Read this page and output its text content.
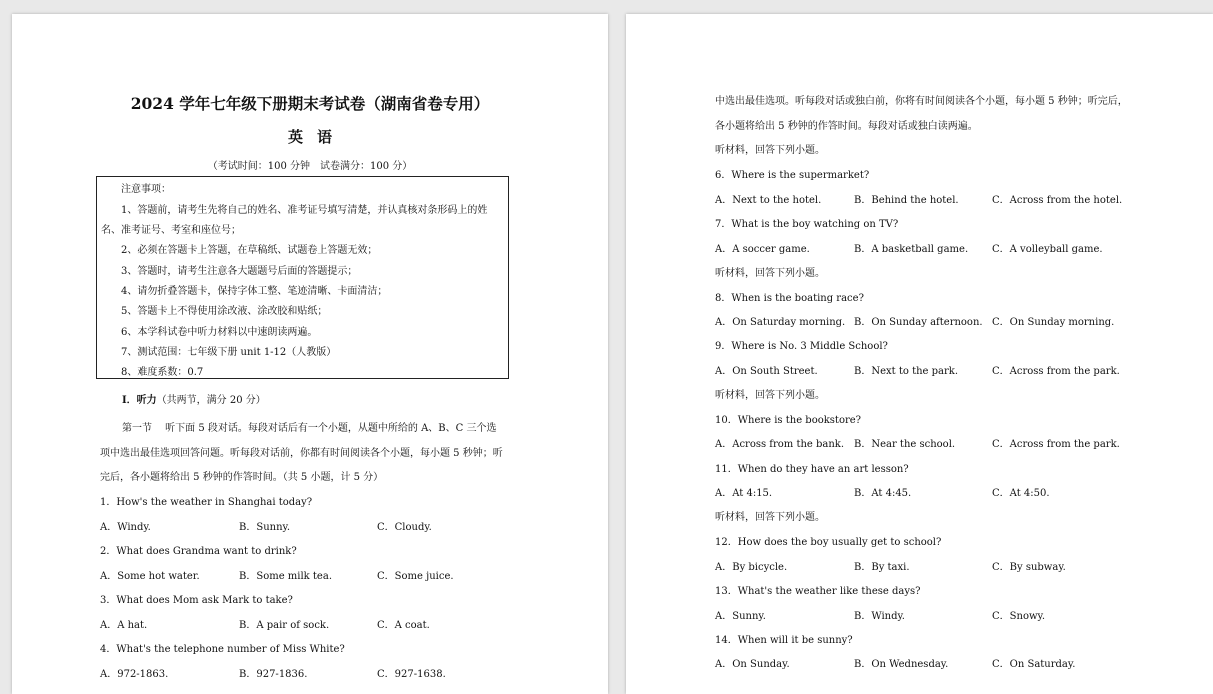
2024 学年七年级下册期末考试卷（湖南省卷专用）
英语
（考试时间：100 分钟　试卷满分：100 分）
注意事项：
1、答题前，请考生先将自己的姓名、准考证号填写清楚，并认真核对条形码上的姓
名、准考证号、考室和座位号；
2、必须在答题卡上答题，在草稿纸、试题卷上答题无效；
3、答题时，请考生注意各大题题号后面的答题提示；
4、请勿折叠答题卡，保持字体工整、笔迹清晰、卡面清洁；
5、答题卡上不得使用涂改液、涂改胶和贴纸；
6、本学科试卷中听力材料以中速朗读两遍。
7、测试范围：七年级下册 unit 1-12（人教版）
8、难度系数：0.7
I．听力（共两节，满分 20 分）
第一节　 听下面 5 段对话。每段对话后有一个小题，从题中所给的 A、B、C 三个选
项中选出最佳选项回答问题。听每段对话前，你都有时间阅读各个小题，每小题 5 秒钟；听
完后，各小题将给出 5 秒钟的作答时间。（共 5 小题，计 5 分）
1．How's the weather in Shanghai today?
A．Windy.	B．Sunny.	C．Cloudy.
2．What does Grandma want to drink?
A．Some hot water.	B．Some milk tea.	C．Some juice.
3．What does Mom ask Mark to take?
A．A hat.	B．A pair of sock.	C．A coat.
4．What's the telephone number of Miss White?
A．972-1863.	B．927-1836.	C．927-1638.
中选出最佳选项。听每段对话或独白前，你将有时间阅读各个小题，每小题 5 秒钟；听完后，
各小题将给出 5 秒钟的作答时间。每段对话或独白读两遍。
听材料，回答下列小题。
6．Where is the supermarket?
A．Next to the hotel.	B．Behind the hotel.	C．Across from the hotel.
7．What is the boy watching on TV?
A．A soccer game.	B．A basketball game. C．A volleyball game.
听材料，回答下列小题。
8．When is the boating race?
A．On Saturday morning. B．On Sunday afternoon. C．On Sunday morning.
9．Where is No. 3 Middle School?
A．On South Street.	B．Next to the park.	C．Across from the park.
听材料，回答下列小题。
10．Where is the bookstore?
A．Across from the bank. B．Near the school.	C．Across from the park.
11．When do they have an art lesson?
A．At 4:15.	B．At 4:45.	C．At 4:50.
听材料，回答下列小题。
12．How does the boy usually get to school?
A．By bicycle.	B．By taxi.	C．By subway.
13．What's the weather like these days?
A．Sunny.	B．Windy.	C．Snowy.
14．When will it be sunny?
A．On Sunday.	B．On Wednesday.	C．On Saturday.
